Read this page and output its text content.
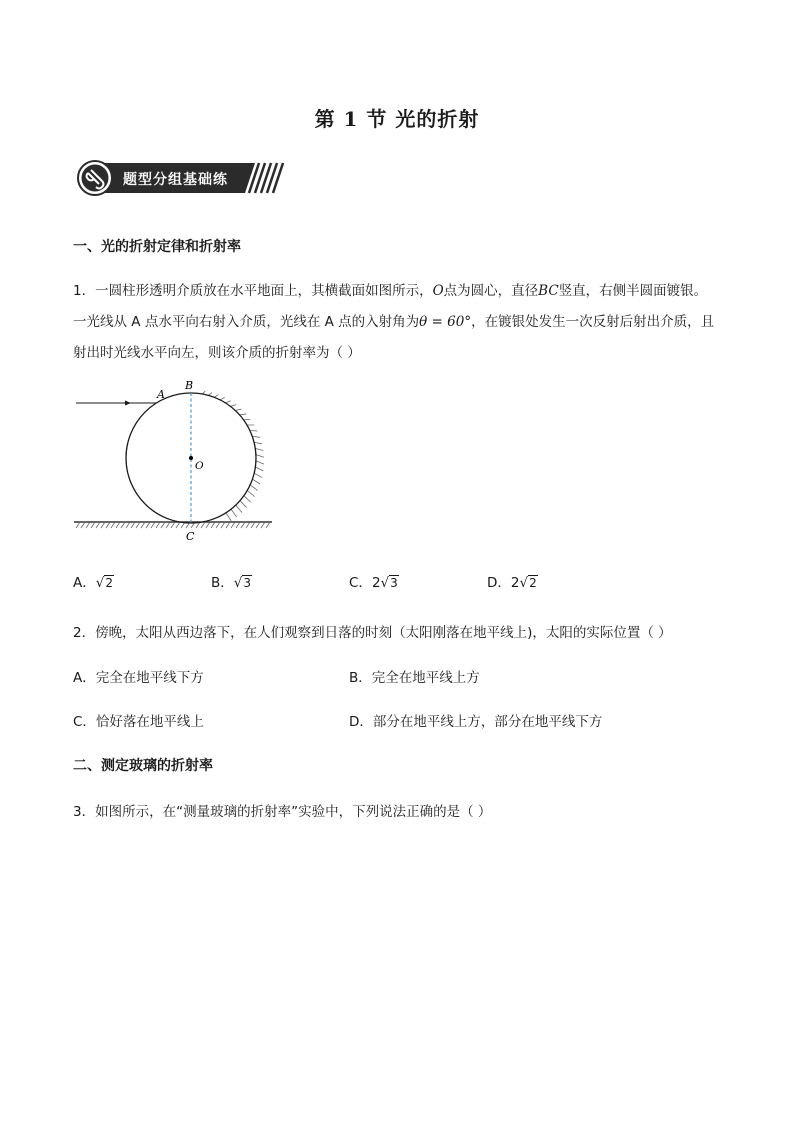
第 1 节 光的折射
题型分组基础练
一、光的折射定律和折射率
1．一圆柱形透明介质放在水平地面上，其横截面如图所示，O点为圆心，直径BC竖直，右侧半圆面镀银。
一光线从 A 点水平向右射入介质，光线在 A 点的入射角为θ = 60°，在镀银处发生一次反射后射出介质，且
射出时光线水平向左，则该介质的折射率为（ ）
A
B
O
C
A．√2	B．√3	C．2√3	D．2√2
2．傍晚，太阳从西边落下，在人们观察到日落的时刻（太阳刚落在地平线上)，太阳的实际位置（ ）
A．完全在地平线下方	B．完全在地平线上方
C．恰好落在地平线上	D．部分在地平线上方，部分在地平线下方
二、测定玻璃的折射率
3．如图所示，在“测量玻璃的折射率”实验中，下列说法正确的是（ ）
